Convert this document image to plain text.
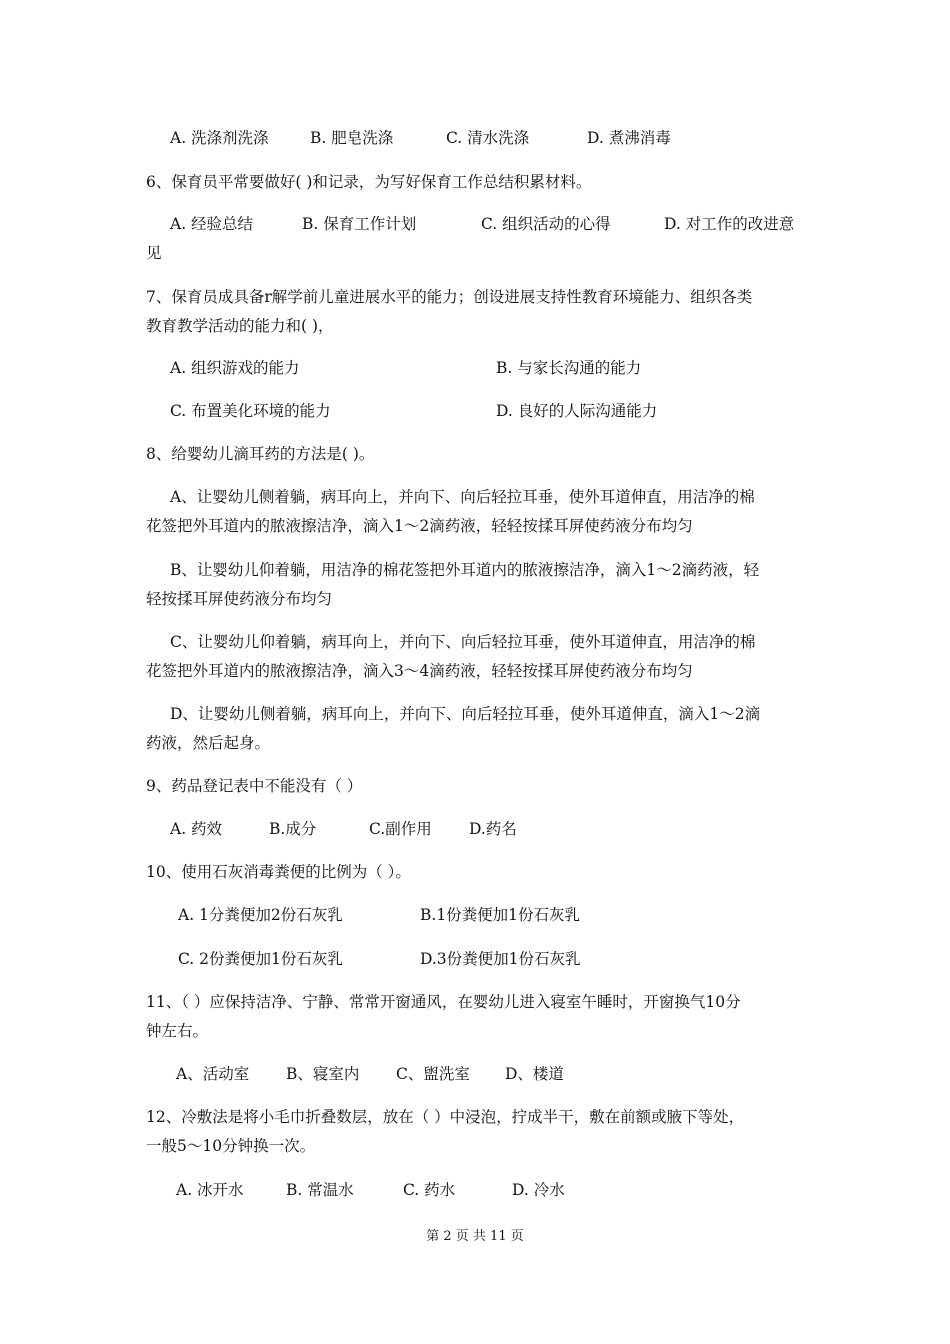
A. 洗涤剂洗涤	B. 肥皂洗涤	C. 清水洗涤	D. 煮沸消毒
6、保育员平常要做好( )和记录，为写好保育工作总结积累材料。
A. 经验总结	B. 保育工作计划	C. 组织活动的心得	D. 对工作的改进意
见
7、保育员成具备r解学前儿童进展水平的能力；创设进展支持性教育环境能力、组织各类
教育教学活动的能力和( )，
A. 组织游戏的能力	B. 与家长沟通的能力
C. 布置美化环境的能力	D. 良好的人际沟通能力
8、给婴幼儿滴耳药的方法是( )。
A、让婴幼儿侧着躺，病耳向上，并向下、向后轻拉耳垂，使外耳道伸直，用洁净的棉
花签把外耳道内的脓液擦洁净，滴入1～2滴药液，轻轻按揉耳屏使药液分布均匀
B、让婴幼儿仰着躺，用洁净的棉花签把外耳道内的脓液擦洁净，滴入1～2滴药液，轻
轻按揉耳屏使药液分布均匀
C、让婴幼儿仰着躺，病耳向上，并向下、向后轻拉耳垂，使外耳道伸直，用洁净的棉
花签把外耳道内的脓液擦洁净，滴入3～4滴药液，轻轻按揉耳屏使药液分布均匀
D、让婴幼儿侧着躺，病耳向上，并向下、向后轻拉耳垂，使外耳道伸直，滴入1～2滴
药液，然后起身。
9、药品登记表中不能没有（ ）
A. 药效	B.成分	C.副作用 D.药名
10、使用石灰消毒粪便的比例为（ ）。
A. 1分粪便加2份石灰乳	B.1份粪便加1份石灰乳
C. 2份粪便加1份石灰乳	D.3份粪便加1份石灰乳
11、（ ）应保持洁净、宁静、常常开窗通风，在婴幼儿进入寝室午睡时，开窗换气10分
钟左右。
A、活动室 B、寝室内 C、盥洗室 D、楼道
12、冷敷法是将小毛巾折叠数层，放在（ ）中浸泡，拧成半干，敷在前额或腋下等处，
一般5～10分钟换一次。
A. 冰开水	B. 常温水	C. 药水	D. 冷水
第 2 页 共 11 页
